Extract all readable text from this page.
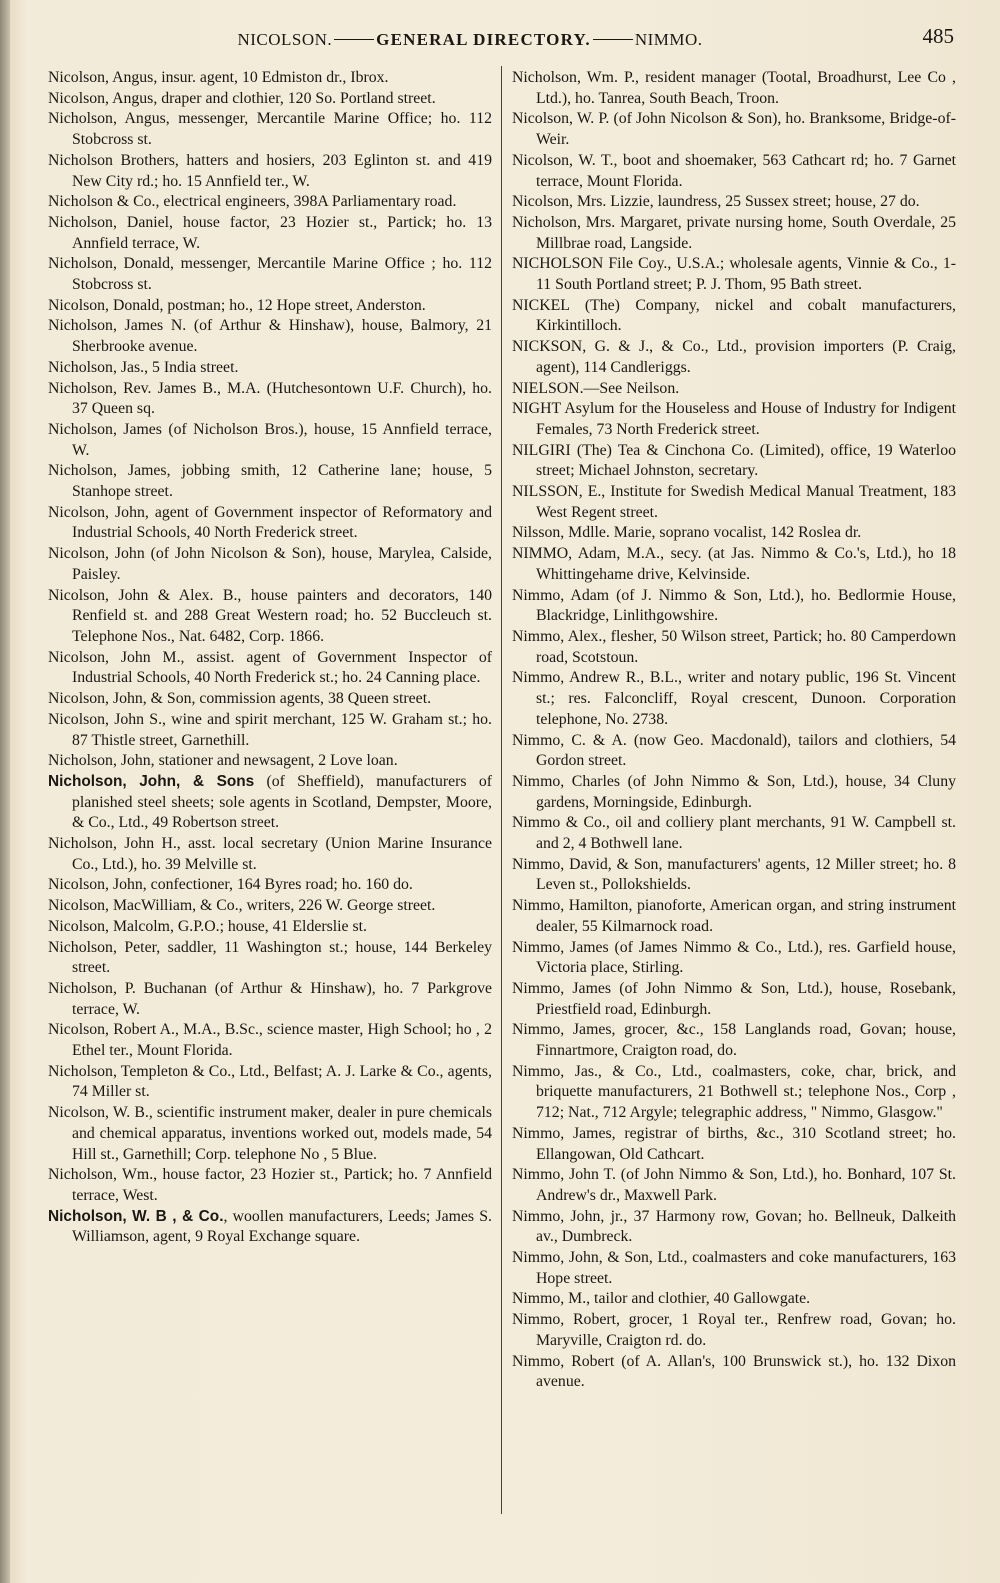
NICOLSON.	GENERAL DIRECTORY.	NIMMO.	485

Nicolson, Angus, insur. agent, 10 Edmiston dr., Ibrox.

Nicolson, Angus, draper and clothier, 120 So. Portland street.

Nicholson, Angus, messenger, Mercantile Marine Office; ho. 112 Stobcross st.

Nicholson Brothers, hatters and hosiers, 203 Eglinton st. and 419 New City rd.; ho. 15 Annfield ter., W.

Nicholson & Co., electrical engineers, 398A Parliamentary road.

Nicholson, Daniel, house factor, 23 Hozier st., Partick; ho. 13 Annfield terrace, W.

Nicholson, Donald, messenger, Mercantile Marine Office ; ho. 112 Stobcross st.

Nicolson, Donald, postman; ho., 12 Hope street, Anderston.

Nicholson, James N. (of Arthur & Hinshaw), house, Balmory, 21 Sherbrooke avenue.

Nicholson, Jas., 5 India street.

Nicholson, Rev. James B., M.A. (Hutchesontown U.F. Church), ho. 37 Queen sq.

Nicholson, James (of Nicholson Bros.), house, 15 Annfield terrace, W.

Nicholson, James, jobbing smith, 12 Catherine lane; house, 5 Stanhope street.

Nicolson, John, agent of Government inspector of Reformatory and Industrial Schools, 40 North Frederick street.

Nicolson, John (of John Nicolson & Son), house, Marylea, Calside, Paisley.

Nicolson, John & Alex. B., house painters and decorators, 140 Renfield st. and 288 Great Western road; ho. 52 Buccleuch st. Telephone Nos., Nat. 6482, Corp. 1866.

Nicolson, John M., assist. agent of Government Inspector of Industrial Schools, 40 North Frederick st.; ho. 24 Canning place.

Nicolson, John, & Son, commission agents, 38 Queen street.

Nicolson, John S., wine and spirit merchant, 125 W. Graham st.; ho. 87 Thistle street, Garnethill.

Nicholson, John, stationer and newsagent, 2 Love loan.

Nicholson, John, & Sons (of Sheffield), manufacturers of planished steel sheets; sole agents in Scotland, Dempster, Moore, & Co., Ltd., 49 Robertson street.

Nicholson, John H., asst. local secretary (Union Marine Insurance Co., Ltd.), ho. 39 Melville st.

Nicolson, John, confectioner, 164 Byres road; ho. 160 do.

Nicolson, MacWilliam, & Co., writers, 226 W. George street.

Nicolson, Malcolm, G.P.O.; house, 41 Elderslie st.

Nicholson, Peter, saddler, 11 Washington st.; house, 144 Berkeley street.

Nicholson, P. Buchanan (of Arthur & Hinshaw), ho. 7 Parkgrove terrace, W.

Nicolson, Robert A., M.A., B.Sc., science master, High School; ho , 2 Ethel ter., Mount Florida.

Nicholson, Templeton & Co., Ltd., Belfast; A. J. Larke & Co., agents, 74 Miller st.

Nicolson, W. B., scientific instrument maker, dealer in pure chemicals and chemical apparatus, inventions worked out, models made, 54 Hill st., Garnethill; Corp. telephone No , 5 Blue.

Nicholson, Wm., house factor, 23 Hozier st., Partick; ho. 7 Annfield terrace, West.

Nicholson, W. B , & Co., woollen manufacturers, Leeds; James S. Williamson, agent, 9 Royal Exchange square.

Nicholson, Wm. P., resident manager (Tootal, Broadhurst, Lee Co , Ltd.), ho. Tanrea, South Beach, Troon.

Nicolson, W. P. (of John Nicolson & Son), ho. Branksome, Bridge-of-Weir.

Nicolson, W. T., boot and shoemaker, 563 Cathcart rd; ho. 7 Garnet terrace, Mount Florida.

Nicolson, Mrs. Lizzie, laundress, 25 Sussex street; house, 27 do.

Nicholson, Mrs. Margaret, private nursing home, South Overdale, 25 Millbrae road, Langside.

NICHOLSON File Coy., U.S.A.; wholesale agents, Vinnie & Co., 1-11 South Portland street; P. J. Thom, 95 Bath street.

NICKEL (The) Company, nickel and cobalt manufacturers, Kirkintilloch.

NICKSON, G. & J., & Co., Ltd., provision importers (P. Craig, agent), 114 Candleriggs.

NIELSON.—See Neilson.

NIGHT Asylum for the Houseless and House of Industry for Indigent Females, 73 North Frederick street.

NILGIRI (The) Tea & Cinchona Co. (Limited), office, 19 Waterloo street; Michael Johnston, secretary.

NILSSON, E., Institute for Swedish Medical Manual Treatment, 183 West Regent street.

Nilsson, Mdlle. Marie, soprano vocalist, 142 Roslea dr.

NIMMO, Adam, M.A., secy. (at Jas. Nimmo & Co.'s, Ltd.), ho 18 Whittingehame drive, Kelvinside.

Nimmo, Adam (of J. Nimmo & Son, Ltd.), ho. Bedlormie House, Blackridge, Linlithgowshire.

Nimmo, Alex., flesher, 50 Wilson street, Partick; ho. 80 Camperdown road, Scotstoun.

Nimmo, Andrew R., B.L., writer and notary public, 196 St. Vincent st.; res. Falconcliff, Royal crescent, Dunoon. Corporation telephone, No. 2738.

Nimmo, C. & A. (now Geo. Macdonald), tailors and clothiers, 54 Gordon street.

Nimmo, Charles (of John Nimmo & Son, Ltd.), house, 34 Cluny gardens, Morningside, Edinburgh.

Nimmo & Co., oil and colliery plant merchants, 91 W. Campbell st. and 2, 4 Bothwell lane.

Nimmo, David, & Son, manufacturers' agents, 12 Miller street; ho. 8 Leven st., Pollokshields.

Nimmo, Hamilton, pianoforte, American organ, and string instrument dealer, 55 Kilmarnock road.

Nimmo, James (of James Nimmo & Co., Ltd.), res. Garfield house, Victoria place, Stirling.

Nimmo, James (of John Nimmo & Son, Ltd.), house, Rosebank, Priestfield road, Edinburgh.

Nimmo, James, grocer, &c., 158 Langlands road, Govan; house, Finnartmore, Craigton road, do.

Nimmo, Jas., & Co., Ltd., coalmasters, coke, char, brick, and briquette manufacturers, 21 Bothwell st.; telephone Nos., Corp , 712; Nat., 712 Argyle; telegraphic address, " Nimmo, Glasgow."

Nimmo, James, registrar of births, &c., 310 Scotland street; ho. Ellangowan, Old Cathcart.

Nimmo, John T. (of John Nimmo & Son, Ltd.), ho. Bonhard, 107 St. Andrew's dr., Maxwell Park.

Nimmo, John, jr., 37 Harmony row, Govan; ho. Bellneuk, Dalkeith av., Dumbreck.

Nimmo, John, & Son, Ltd., coalmasters and coke manufacturers, 163 Hope street.

Nimmo, M., tailor and clothier, 40 Gallowgate.

Nimmo, Robert, grocer, 1 Royal ter., Renfrew road, Govan; ho. Maryville, Craigton rd. do.

Nimmo, Robert (of A. Allan's, 100 Brunswick st.), ho. 132 Dixon avenue.
